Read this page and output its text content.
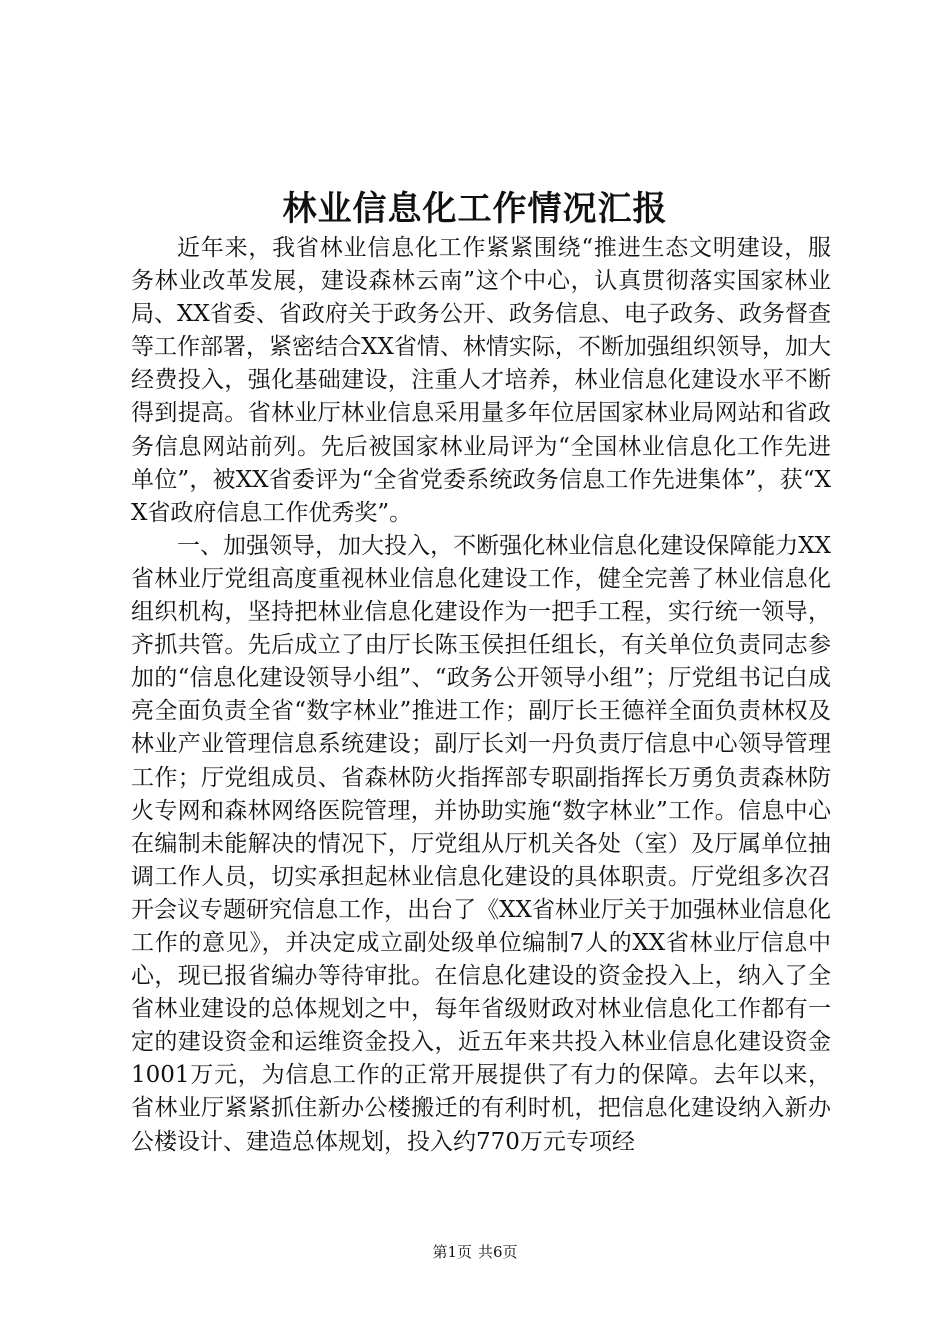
林业信息化工作情况汇报

近年来，我省林业信息化工作紧紧围绕“推进生态文明建设，服务林业改革发展，建设森林云南”这个中心，认真贯彻落实国家林业局、XX省委、省政府关于政务公开、政务信息、电子政务、政务督查等工作部署，紧密结合XX省情、林情实际，不断加强组织领导，加大经费投入，强化基础建设，注重人才培养，林业信息化建设水平不断得到提高。省林业厅林业信息采用量多年位居国家林业局网站和省政务信息网站前列。先后被国家林业局评为“全国林业信息化工作先进单位”，被XX省委评为“全省党委系统政务信息工作先进集体”，获“XX省政府信息工作优秀奖”。

一、加强领导，加大投入，不断强化林业信息化建设保障能力XX省林业厅党组高度重视林业信息化建设工作，健全完善了林业信息化组织机构，坚持把林业信息化建设作为一把手工程，实行统一领导，齐抓共管。先后成立了由厅长陈玉侯担任组长，有关单位负责同志参加的“信息化建设领导小组”、“政务公开领导小组”；厅党组书记白成亮全面负责全省“数字林业”推进工作；副厅长王德祥全面负责林权及林业产业管理信息系统建设；副厅长刘一丹负责厅信息中心领导管理工作；厅党组成员、省森林防火指挥部专职副指挥长万勇负责森林防火专网和森林网络医院管理，并协助实施“数字林业”工作。信息中心在编制未能解决的情况下，厅党组从厅机关各处（室）及厅属单位抽调工作人员，切实承担起林业信息化建设的具体职责。厅党组多次召开会议专题研究信息工作，出台了《XX省林业厅关于加强林业信息化工作的意见》，并决定成立副处级单位编制7人的XX省林业厅信息中心，现已报省编办等待审批。在信息化建设的资金投入上，纳入了全省林业建设的总体规划之中，每年省级财政对林业信息化工作都有一定的建设资金和运维资金投入，近五年来共投入林业信息化建设资金1001万元，为信息工作的正常开展提供了有力的保障。去年以来，省林业厅紧紧抓住新办公楼搬迁的有利时机，把信息化建设纳入新办公楼设计、建造总体规划，投入约770万元专项经

第1页 共6页
